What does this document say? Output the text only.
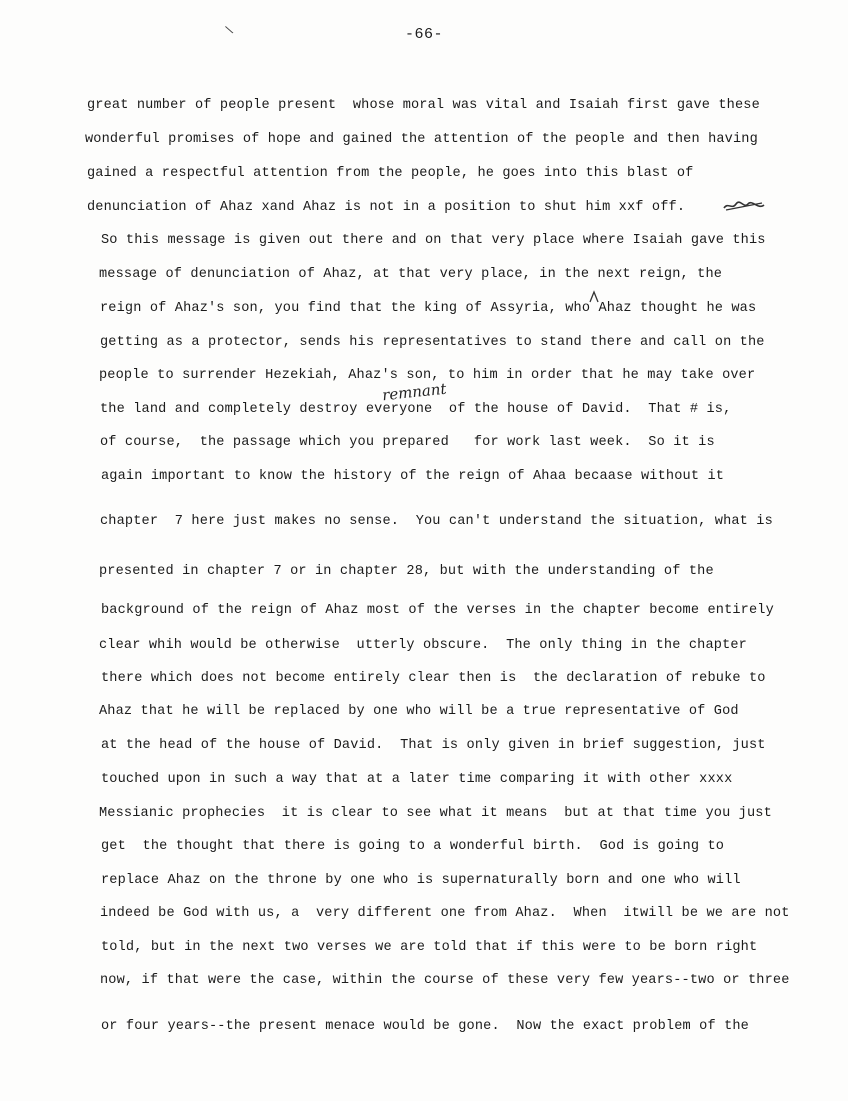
\	-66-
great number of people present  whose moral was vital and Isaiah first gave these
wonderful promises of hope and gained the attention of the people and then having
gained a respectful attention from the people, he goes into this blast of
denunciation of Ahaz xand Ahaz is not in a position to shut him xxf off.
So this message is given out there and on that very place where Isaiah gave this
message of denunciation of Ahaz, at that very place, in the next reign, the
reign of Ahaz's son, you find that the king of Assyria, who Ahaz thought he was
getting as a protector, sends his representatives to stand there and call on the
people to surrender Hezekiah, Ahaz's son, to him in order that he may take over
the land and completely destroy everyone  of the house of David.  That # is,
of course,  the passage which you prepared   for work last week.  So it is
again important to know the history of the reign of Ahaa becaase without it
chapter  7 here just makes no sense.  You can't understand the situation, what is
presented in chapter 7 or in chapter 28, but with the understanding of the
background of the reign of Ahaz most of the verses in the chapter become entirely
clear whih would be otherwise  utterly obscure.  The only thing in the chapter
there which does not become entirely clear then is  the declaration of rebuke to
Ahaz that he will be replaced by one who will be a true representative of God
at the head of the house of David.  That is only given in brief suggestion, just
touched upon in such a way that at a later time comparing it with other xxxx
Messianic prophecies  it is clear to see what it means  but at that time you just
get  the thought that there is going to a wonderful birth.  God is going to
replace Ahaz on the throne by one who is supernaturally born and one who will
indeed be God with us, a  very different one from Ahaz.  When  itwill be we are not
told, but in the next two verses we are told that if this were to be born right
now, if that were the case, within the course of these very few years--two or three
or four years--the present menace would be gone.  Now the exact problem of the
remnant
